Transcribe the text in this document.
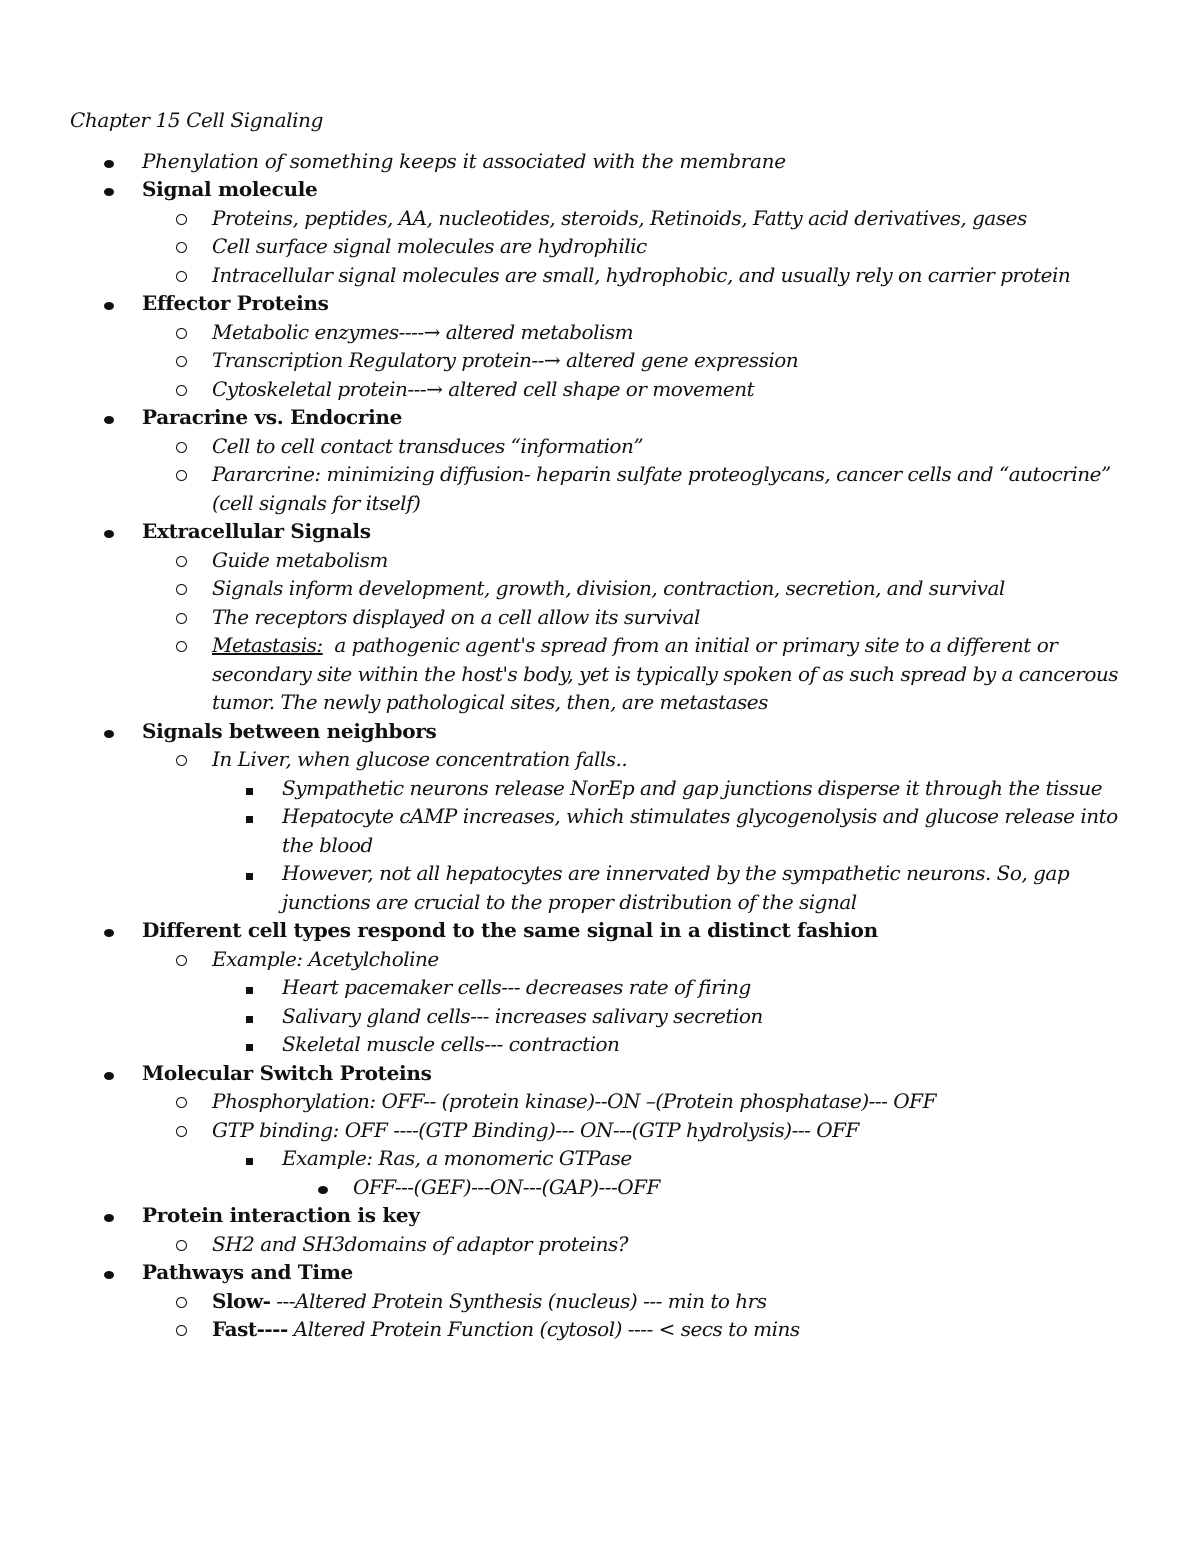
Chapter 15 Cell Signaling
Phenylation of something keeps it associated with the membrane
Signal molecule
Proteins, peptides, AA, nucleotides, steroids, Retinoids, Fatty acid derivatives, gases
Cell surface signal molecules are hydrophilic
Intracellular signal molecules are small, hydrophobic, and usually rely on carrier protein
Effector Proteins
Metabolic enzymes----→ altered metabolism
Transcription Regulatory protein--→ altered gene expression
Cytoskeletal protein---→ altered cell shape or movement
Paracrine vs. Endocrine
Cell to cell contact transduces “information”
Pararcrine: minimizing diffusion- heparin sulfate proteoglycans, cancer cells and “autocrine” (cell signals for itself)
Extracellular Signals
Guide metabolism
Signals inform development, growth, division, contraction, secretion, and survival
The receptors displayed on a cell allow its survival
Metastasis: a pathogenic agent's spread from an initial or primary site to a different or secondary site within the host's body, yet is typically spoken of as such spread by a cancerous tumor. The newly pathological sites, then, are metastases
Signals between neighbors
In Liver, when glucose concentration falls..
Sympathetic neurons release NorEp and gap junctions disperse it through the tissue
Hepatocyte cAMP increases, which stimulates glycogenolysis and glucose release into the blood
However, not all hepatocytes are innervated by the sympathetic neurons. So, gap junctions are crucial to the proper distribution of the signal
Different cell types respond to the same signal in a distinct fashion
Example: Acetylcholine
Heart pacemaker cells--- decreases rate of firing
Salivary gland cells--- increases salivary secretion
Skeletal muscle cells--- contraction
Molecular Switch Proteins
Phosphorylation: OFF-- (protein kinase)--ON –(Protein phosphatase)--- OFF
GTP binding: OFF ----(GTP Binding)--- ON---(GTP hydrolysis)--- OFF
Example: Ras, a monomeric GTPase
OFF---(GEF)---ON---(GAP)---OFF
Protein interaction is key
SH2 and SH3domains of adaptor proteins?
Pathways and Time
Slow- ---Altered Protein Synthesis (nucleus) --- min to hrs
Fast---- Altered Protein Function (cytosol) ---- < secs to mins
